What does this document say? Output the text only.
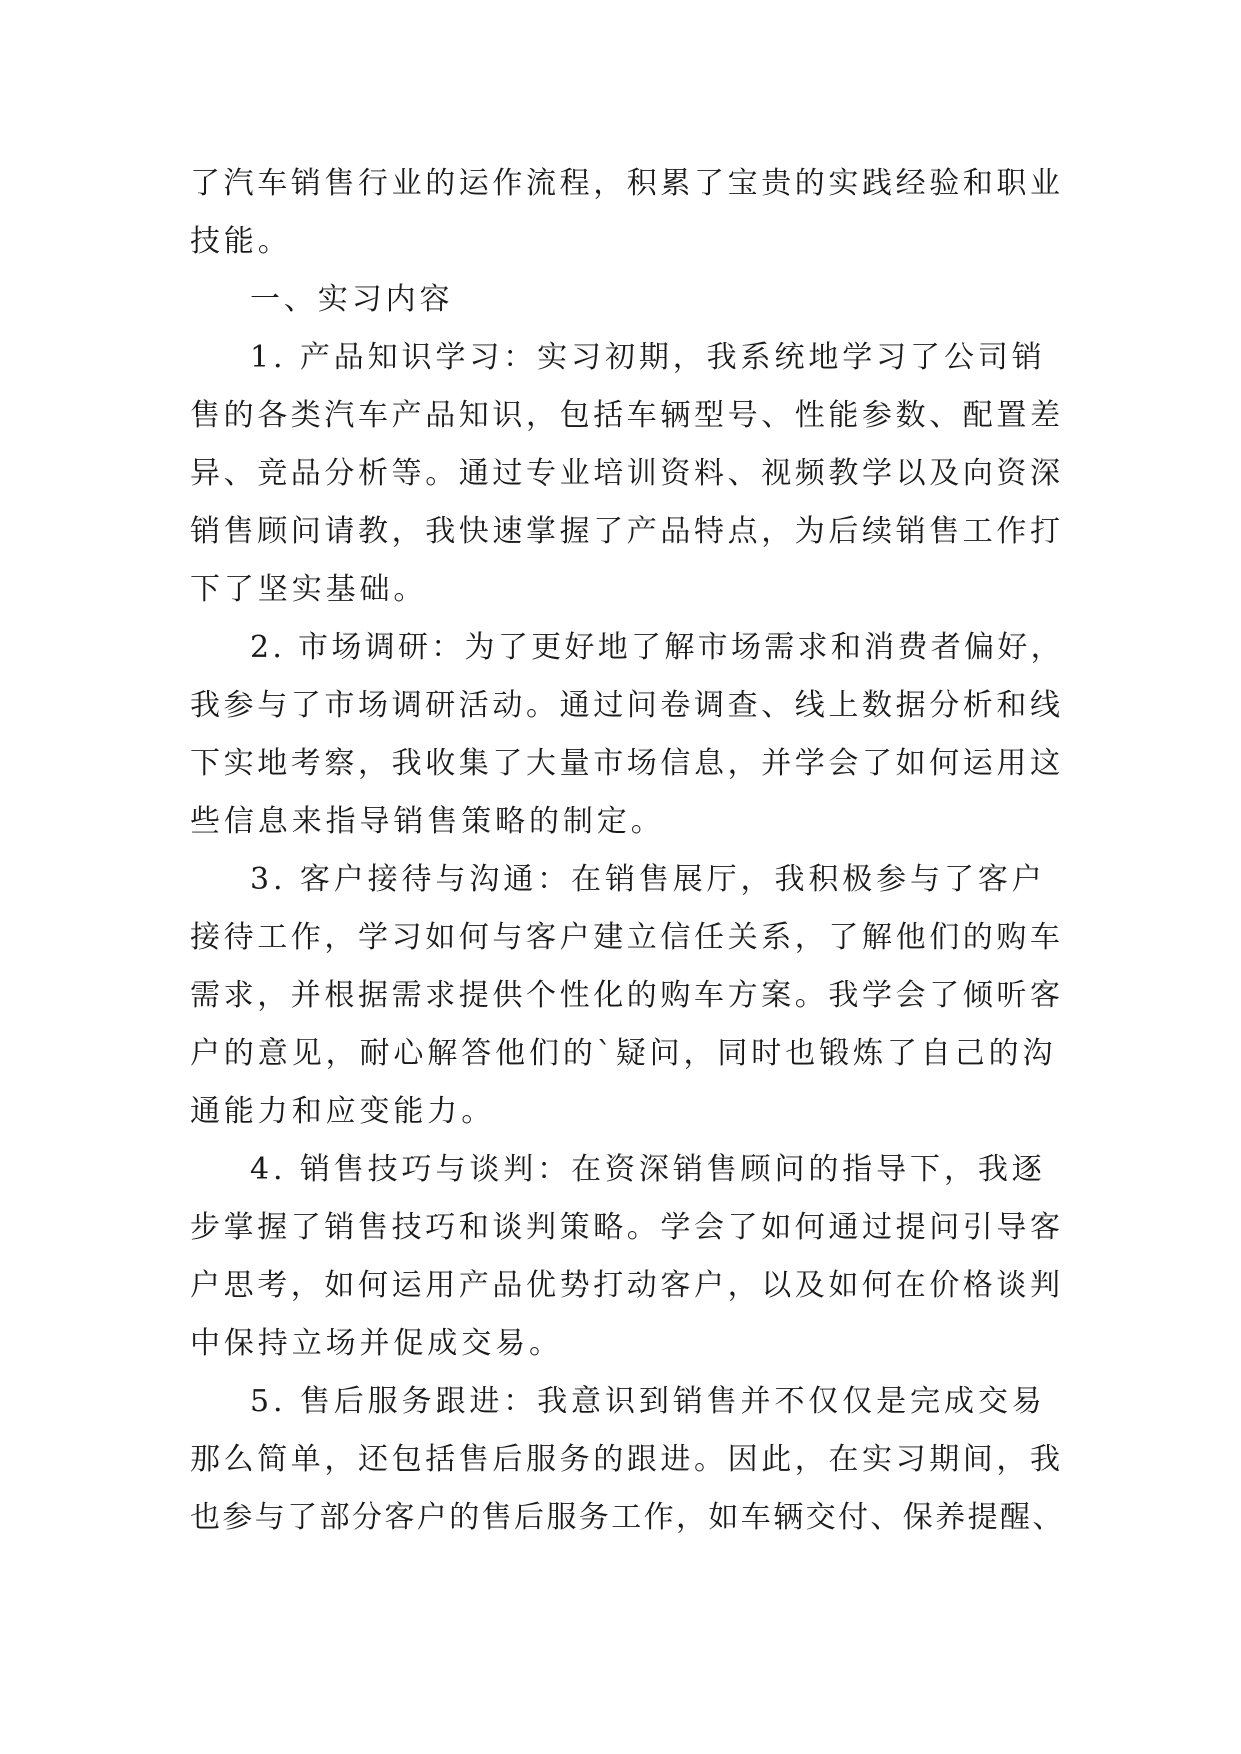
了汽车销售行业的运作流程，积累了宝贵的实践经验和职业
技能。
一、实习内容
1. 产品知识学习：实习初期，我系统地学习了公司销
售的各类汽车产品知识，包括车辆型号、性能参数、配置差
异、竞品分析等。通过专业培训资料、视频教学以及向资深
销售顾问请教，我快速掌握了产品特点，为后续销售工作打
下了坚实基础。
2. 市场调研：为了更好地了解市场需求和消费者偏好，
我参与了市场调研活动。通过问卷调查、线上数据分析和线
下实地考察，我收集了大量市场信息，并学会了如何运用这
些信息来指导销售策略的制定。
3. 客户接待与沟通：在销售展厅，我积极参与了客户
接待工作，学习如何与客户建立信任关系，了解他们的购车
需求，并根据需求提供个性化的购车方案。我学会了倾听客
户的意见，耐心解答他们的`疑问，同时也锻炼了自己的沟
通能力和应变能力。
4. 销售技巧与谈判：在资深销售顾问的指导下，我逐
步掌握了销售技巧和谈判策略。学会了如何通过提问引导客
户思考，如何运用产品优势打动客户，以及如何在价格谈判
中保持立场并促成交易。
5. 售后服务跟进：我意识到销售并不仅仅是完成交易
那么简单，还包括售后服务的跟进。因此，在实习期间，我
也参与了部分客户的售后服务工作，如车辆交付、保养提醒、
